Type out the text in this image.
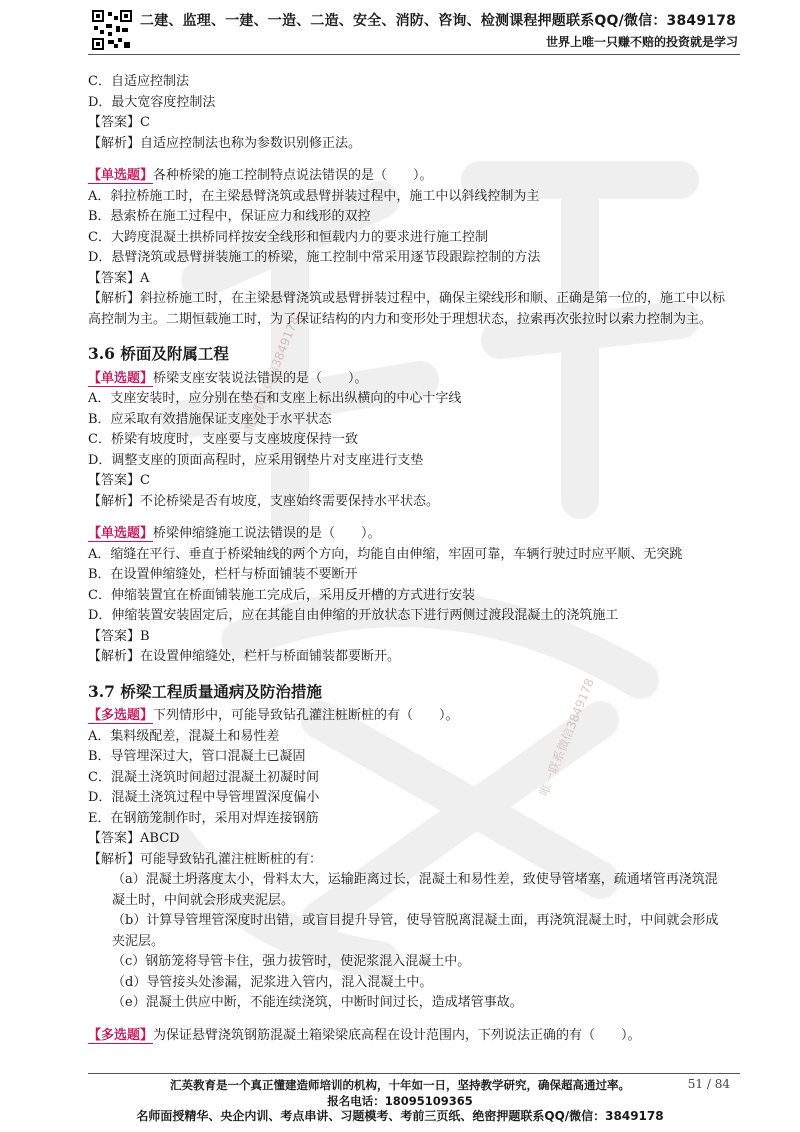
二建、监理、一建、一造、二造、安全、消防、咨询、检测课程押题联系QQ/微信：3849178
世界上唯一只赚不赔的投资就是学习
唯一联系微信3849178
唯一联系微信3849178
C．自适应控制法
D．最大宽容度控制法
【答案】C
【解析】自适应控制法也称为参数识别修正法。
【单选题】各种桥梁的施工控制特点说法错误的是（　　）。
A．斜拉桥施工时，在主梁悬臂浇筑或悬臂拼装过程中，施工中以斜线控制为主
B．悬索桥在施工过程中，保证应力和线形的双控
C．大跨度混凝土拱桥同样按安全线形和恒载内力的要求进行施工控制
D．悬臂浇筑或悬臂拼装施工的桥梁，施工控制中常采用逐节段跟踪控制的方法
【答案】A
【解析】斜拉桥施工时，在主梁悬臂浇筑或悬臂拼装过程中，确保主梁线形和顺、正确是第一位的，施工中以标高控制为主。二期恒载施工时，为了保证结构的内力和变形处于理想状态，拉索再次张拉时以索力控制为主。
3.6 桥面及附属工程
【单选题】桥梁支座安装说法错误的是（　　）。
A．支座安装时，应分别在垫石和支座上标出纵横向的中心十字线
B．应采取有效措施保证支座处于水平状态
C．桥梁有坡度时，支座要与支座坡度保持一致
D．调整支座的顶面高程时，应采用钢垫片对支座进行支垫
【答案】C
【解析】不论桥梁是否有坡度，支座始终需要保持水平状态。
【单选题】桥梁伸缩缝施工说法错误的是（　　）。
A．缩缝在平行、垂直于桥梁轴线的两个方向，均能自由伸缩，牢固可靠，车辆行驶过时应平顺、无突跳
B．在设置伸缩缝处，栏杆与桥面铺装不要断开
C．伸缩装置宜在桥面铺装施工完成后，采用反开槽的方式进行安装
D．伸缩装置安装固定后，应在其能自由伸缩的开放状态下进行两侧过渡段混凝土的浇筑施工
【答案】B
【解析】在设置伸缩缝处，栏杆与桥面铺装都要断开。
3.7 桥梁工程质量通病及防治措施
【多选题】下列情形中，可能导致钻孔灌注桩断桩的有（　　）。
A．集料级配差，混凝土和易性差
B．导管埋深过大，管口混凝土已凝固
C．混凝土浇筑时间超过混凝土初凝时间
D．混凝土浇筑过程中导管埋置深度偏小
E．在钢筋笼制作时，采用对焊连接钢筋
【答案】ABCD
【解析】可能导致钻孔灌注桩断桩的有：
（a）混凝土坍落度太小，骨料太大，运输距离过长，混凝土和易性差，致使导管堵塞，疏通堵管再浇筑混凝土时，中间就会形成夹泥层。
（b）计算导管埋管深度时出错，或盲目提升导管，使导管脱离混凝土面，再浇筑混凝土时，中间就会形成夹泥层。
（c）钢筋笼将导管卡住，强力拔管时，使泥浆混入混凝土中。
（d）导管接头处渗漏，泥浆进入管内，混入混凝土中。
（e）混凝土供应中断，不能连续浇筑，中断时间过长，造成堵管事故。
【多选题】为保证悬臂浇筑钢筋混凝土箱梁梁底高程在设计范围内，下列说法正确的有（　　）。
汇英教育是一个真正懂建造师培训的机构，十年如一日，坚持教学研究，确保超高通过率。	51 / 84
报名电话：18095109365
名师面授精华、央企内训、考点串讲、习题模考、考前三页纸、绝密押题联系QQ/微信：3849178
